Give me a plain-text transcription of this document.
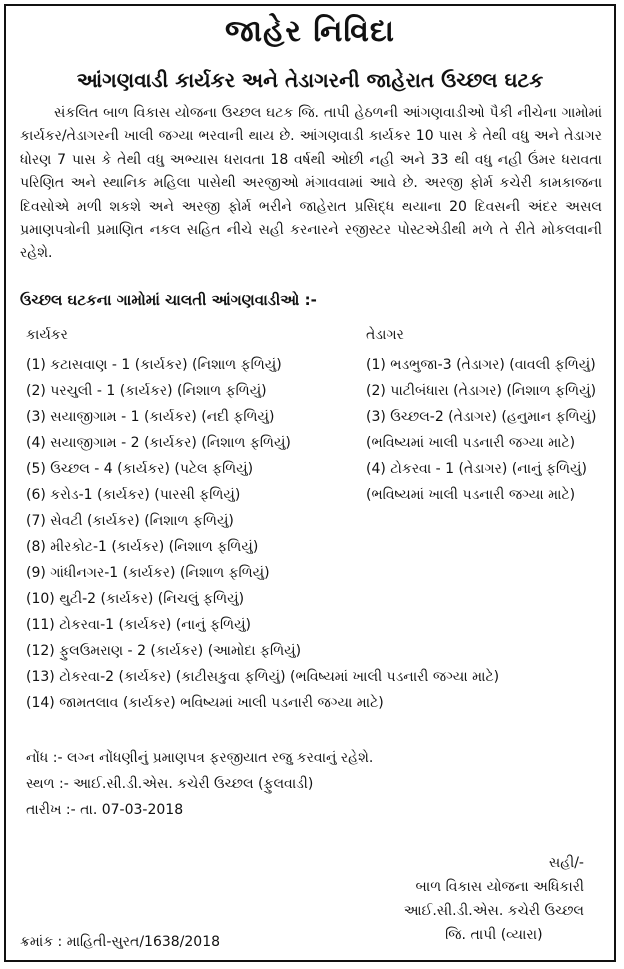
જાહેર નિવિદા
આંગણવાડી કાર્યકર અને તેડાગરની જાહેરાત ઉચ્છલ ઘટક
સંકલિત બાળ વિકાસ યોજના ઉચ્છલ ઘટક જિ. તાપી હેઠળની આંગણવાડીઓ પૈકી નીચેના ગામોમાં કાર્યકર/તેડાગરની ખાલી જગ્યા ભરવાની થાય છે. આંગણવાડી કાર્યકર 10 પાસ કે તેથી વધુ અને તેડાગર ધોરણ 7 પાસ કે તેથી વધુ અભ્યાસ ધરાવતા 18 વર્ષથી ઓછી નહી અને 33 થી વધુ નહી ઉંમર ધરાવતા પરિણિત અને સ્થાનિક મહિલા પાસેથી અરજીઓ મંગાવવામાં આવે છે. અરજી ફોર્મ કચેરી કામકાજના દિવસોએ મળી શકશે અને અરજી ફોર્મ ભરીને જાહેરાત પ્રસિદ્ધ થયાના 20 દિવસની અંદર અસલ પ્રમાણપત્રોની પ્રમાણિત નકલ સહિત નીચે સહી કરનારને રજીસ્ટર પોસ્ટએડીથી મળે તે રીતે મોકલવાની રહેશે.
ઉચ્છલ ઘટકના ગામોમાં ચાલતી આંગણવાડીઓ :-
કાર્યકર
(1) કટાસવાણ - 1 (કાર્યકર) (નિશાળ ફળિયું)
(2) પરચુલી - 1 (કાર્યકર) (નિશાળ ફળિયું)
(3) સયાજીગામ - 1 (કાર્યકર) (નદી ફળિયું)
(4) સયાજીગામ - 2 (કાર્યકર) (નિશાળ ફળિયું)
(5) ઉચ્છલ - 4 (કાર્યકર) (પટેલ ફળિયું)
(6) કરોડ-1 (કાર્યકર) (પારસી ફળિયું)
(7) સેવટી (કાર્યકર) (નિશાળ ફળિયું)
(8) મીરકોટ-1 (કાર્યકર) (નિશાળ ફળિયું)
(9) ગાંધીનગર-1 (કાર્યકર) (નિશાળ ફળિયું)
(10) થુટી-2 (કાર્યકર) (નિચલું ફળિયું)
(11) ટોકરવા-1 (કાર્યકર) (નાનું ફળિયું)
(12) ફુલઉમરાણ - 2 (કાર્યકર) (આમોદા ફળિયું)
(13) ટોકરવા-2 (કાર્યકર) (કાટીસકુવા ફળિયું) (ભવિષ્યમાં ખાલી પડનારી જગ્યા માટે)
(14) જામતલાવ (કાર્યકર) ભવિષ્યમાં ખાલી પડનારી જગ્યા માટે)
તેડાગર
(1) ભડભુજા-3 (તેડાગર) (વાવલી ફળિયું)
(2) પાટીબંધારા (તેડાગર) (નિશાળ ફળિયું)
(3) ઉચ્છલ-2 (તેડાગર) (હનુમાન ફળિયું)
(ભવિષ્યમાં ખાલી પડનારી જગ્યા માટે)
(4) ટોકરવા - 1 (તેડાગર) (નાનું ફળિયું)
(ભવિષ્યમાં ખાલી પડનારી જગ્યા માટે)
નોંધ :- લગ્ન નોંધણીનું પ્રમાણપત્ર ફરજીયાત રજુ કરવાનું રહેશે.
સ્થળ :- આઈ.સી.ડી.એસ. કચેરી ઉચ્છલ (ફુલવાડી)
તારીખ :- તા. 07-03-2018
સહી/-
બાળ વિકાસ યોજના અધિકારી
આઈ.સી.ડી.એસ. કચેરી ઉચ્છલ
જિ. તાપી (વ્યારા)
ક્રમાંક : માહિતી-સુરત/1638/2018
